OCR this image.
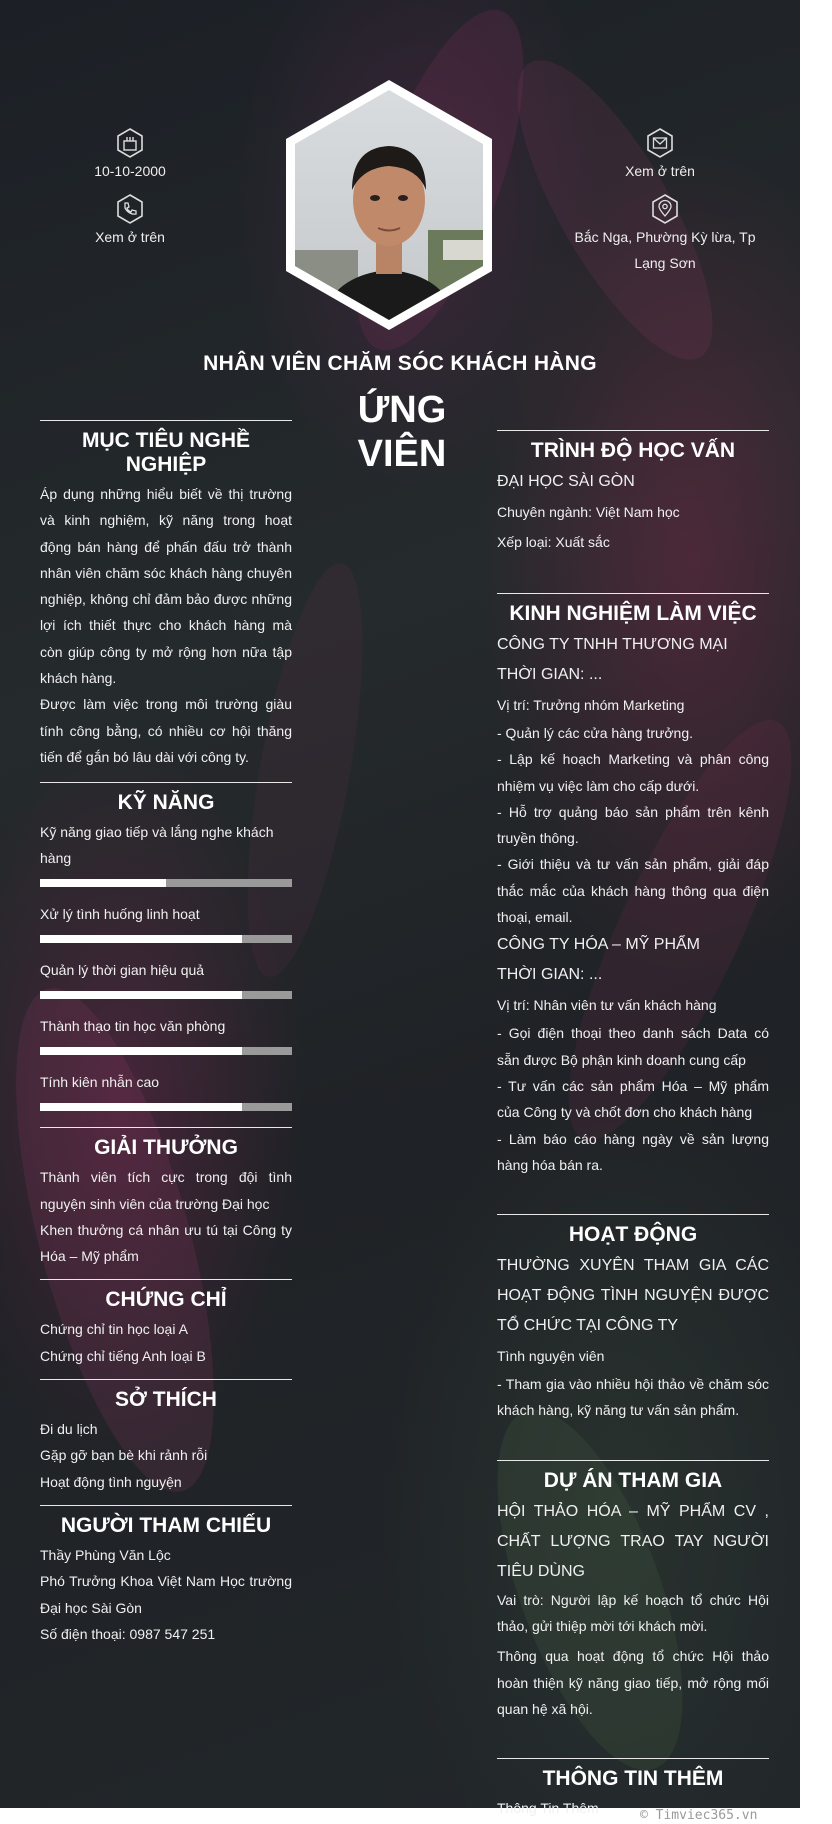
10-10-2000
Xem ở trên
Xem ở trên
Bắc Nga, Phường Kỳ lừa, Tp Lạng Sơn
NHÂN VIÊN CHĂM SÓC KHÁCH HÀNG
ỨNG VIÊN
MỤC TIÊU NGHỀ NGHIỆP

Áp dụng những hiểu biết về thị trường và kinh nghiệm, kỹ năng trong hoạt động bán hàng để phấn đấu trở thành nhân viên chăm sóc khách hàng chuyên nghiệp, không chỉ đảm bảo được những lợi ích thiết thực cho khách hàng mà còn giúp công ty mở rộng hơn nữa tập khách hàng.

Được làm việc trong môi trường giàu tính công bằng, có nhiều cơ hội thăng tiến để gắn bó lâu dài với công ty.

KỸ NĂNG
Kỹ năng giao tiếp và lắng nghe khách hàng
Xử lý tình huống linh hoạt
Quản lý thời gian hiệu quả
Thành thạo tin học văn phòng
Tính kiên nhẫn cao
GIẢI THƯỞNG

Thành viên tích cực trong đội tình nguyện sinh viên của trường Đại học

Khen thưởng cá nhân ưu tú tại Công ty Hóa – Mỹ phẩm

CHỨNG CHỈ

Chứng chỉ tin học loại A

Chứng chỉ tiếng Anh loại B

SỞ THÍCH

Đi du lịch

Gặp gỡ bạn bè khi rảnh rỗi

Hoạt động tình nguyện

NGƯỜI THAM CHIẾU

Thầy Phùng Văn Lộc

Phó Trưởng Khoa Việt Nam Học trường Đại học Sài Gòn

Số điện thoại: 0987 547 251

TRÌNH ĐỘ HỌC VẤN

ĐẠI HỌC SÀI GÒN

Chuyên ngành: Việt Nam học

Xếp loại: Xuất sắc

KINH NGHIỆM LÀM VIỆC

CÔNG TY TNHH THƯƠNG MẠI

THỜI GIAN: ...

Vị trí: Trưởng nhóm Marketing

- Quản lý các cửa hàng trưởng.

- Lập kế hoạch Marketing và phân công nhiệm vụ việc làm cho cấp dưới.

- Hỗ trợ quảng báo sản phẩm trên kênh truyền thông.

- Giới thiệu và tư vấn sản phẩm, giải đáp thắc mắc của khách hàng thông qua điện thoại, email.

CÔNG TY HÓA – MỸ PHẨM

THỜI GIAN: ...

Vị trí: Nhân viên tư vấn khách hàng

- Gọi điện thoại theo danh sách Data có sẵn được Bộ phận kinh doanh cung cấp

- Tư vấn các sản phẩm Hóa – Mỹ phẩm của Công ty và chốt đơn cho khách hàng

- Làm báo cáo hàng ngày về sản lượng hàng hóa bán ra.

HOẠT ĐỘNG

THƯỜNG XUYÊN THAM GIA CÁC HOẠT ĐỘNG TÌNH NGUYỆN ĐƯỢC TỔ CHỨC TẠI CÔNG TY

Tình nguyện viên

- Tham gia vào nhiều hội thảo về chăm sóc khách hàng, kỹ năng tư vấn sản phẩm.

DỰ ÁN THAM GIA

HỘI THẢO HÓA – MỸ PHẨM CV , CHẤT LƯỢNG TRAO TAY NGƯỜI TIÊU DÙNG

Vai trò: Người lập kế hoạch tổ chức Hội thảo, gửi thiệp mời tới khách mời.

Thông qua hoạt động tổ chức Hội thảo hoàn thiện kỹ năng giao tiếp, mở rộng mối quan hệ xã hội.

THÔNG TIN THÊM

Thông Tin Thêm	© Timviec365.vn
